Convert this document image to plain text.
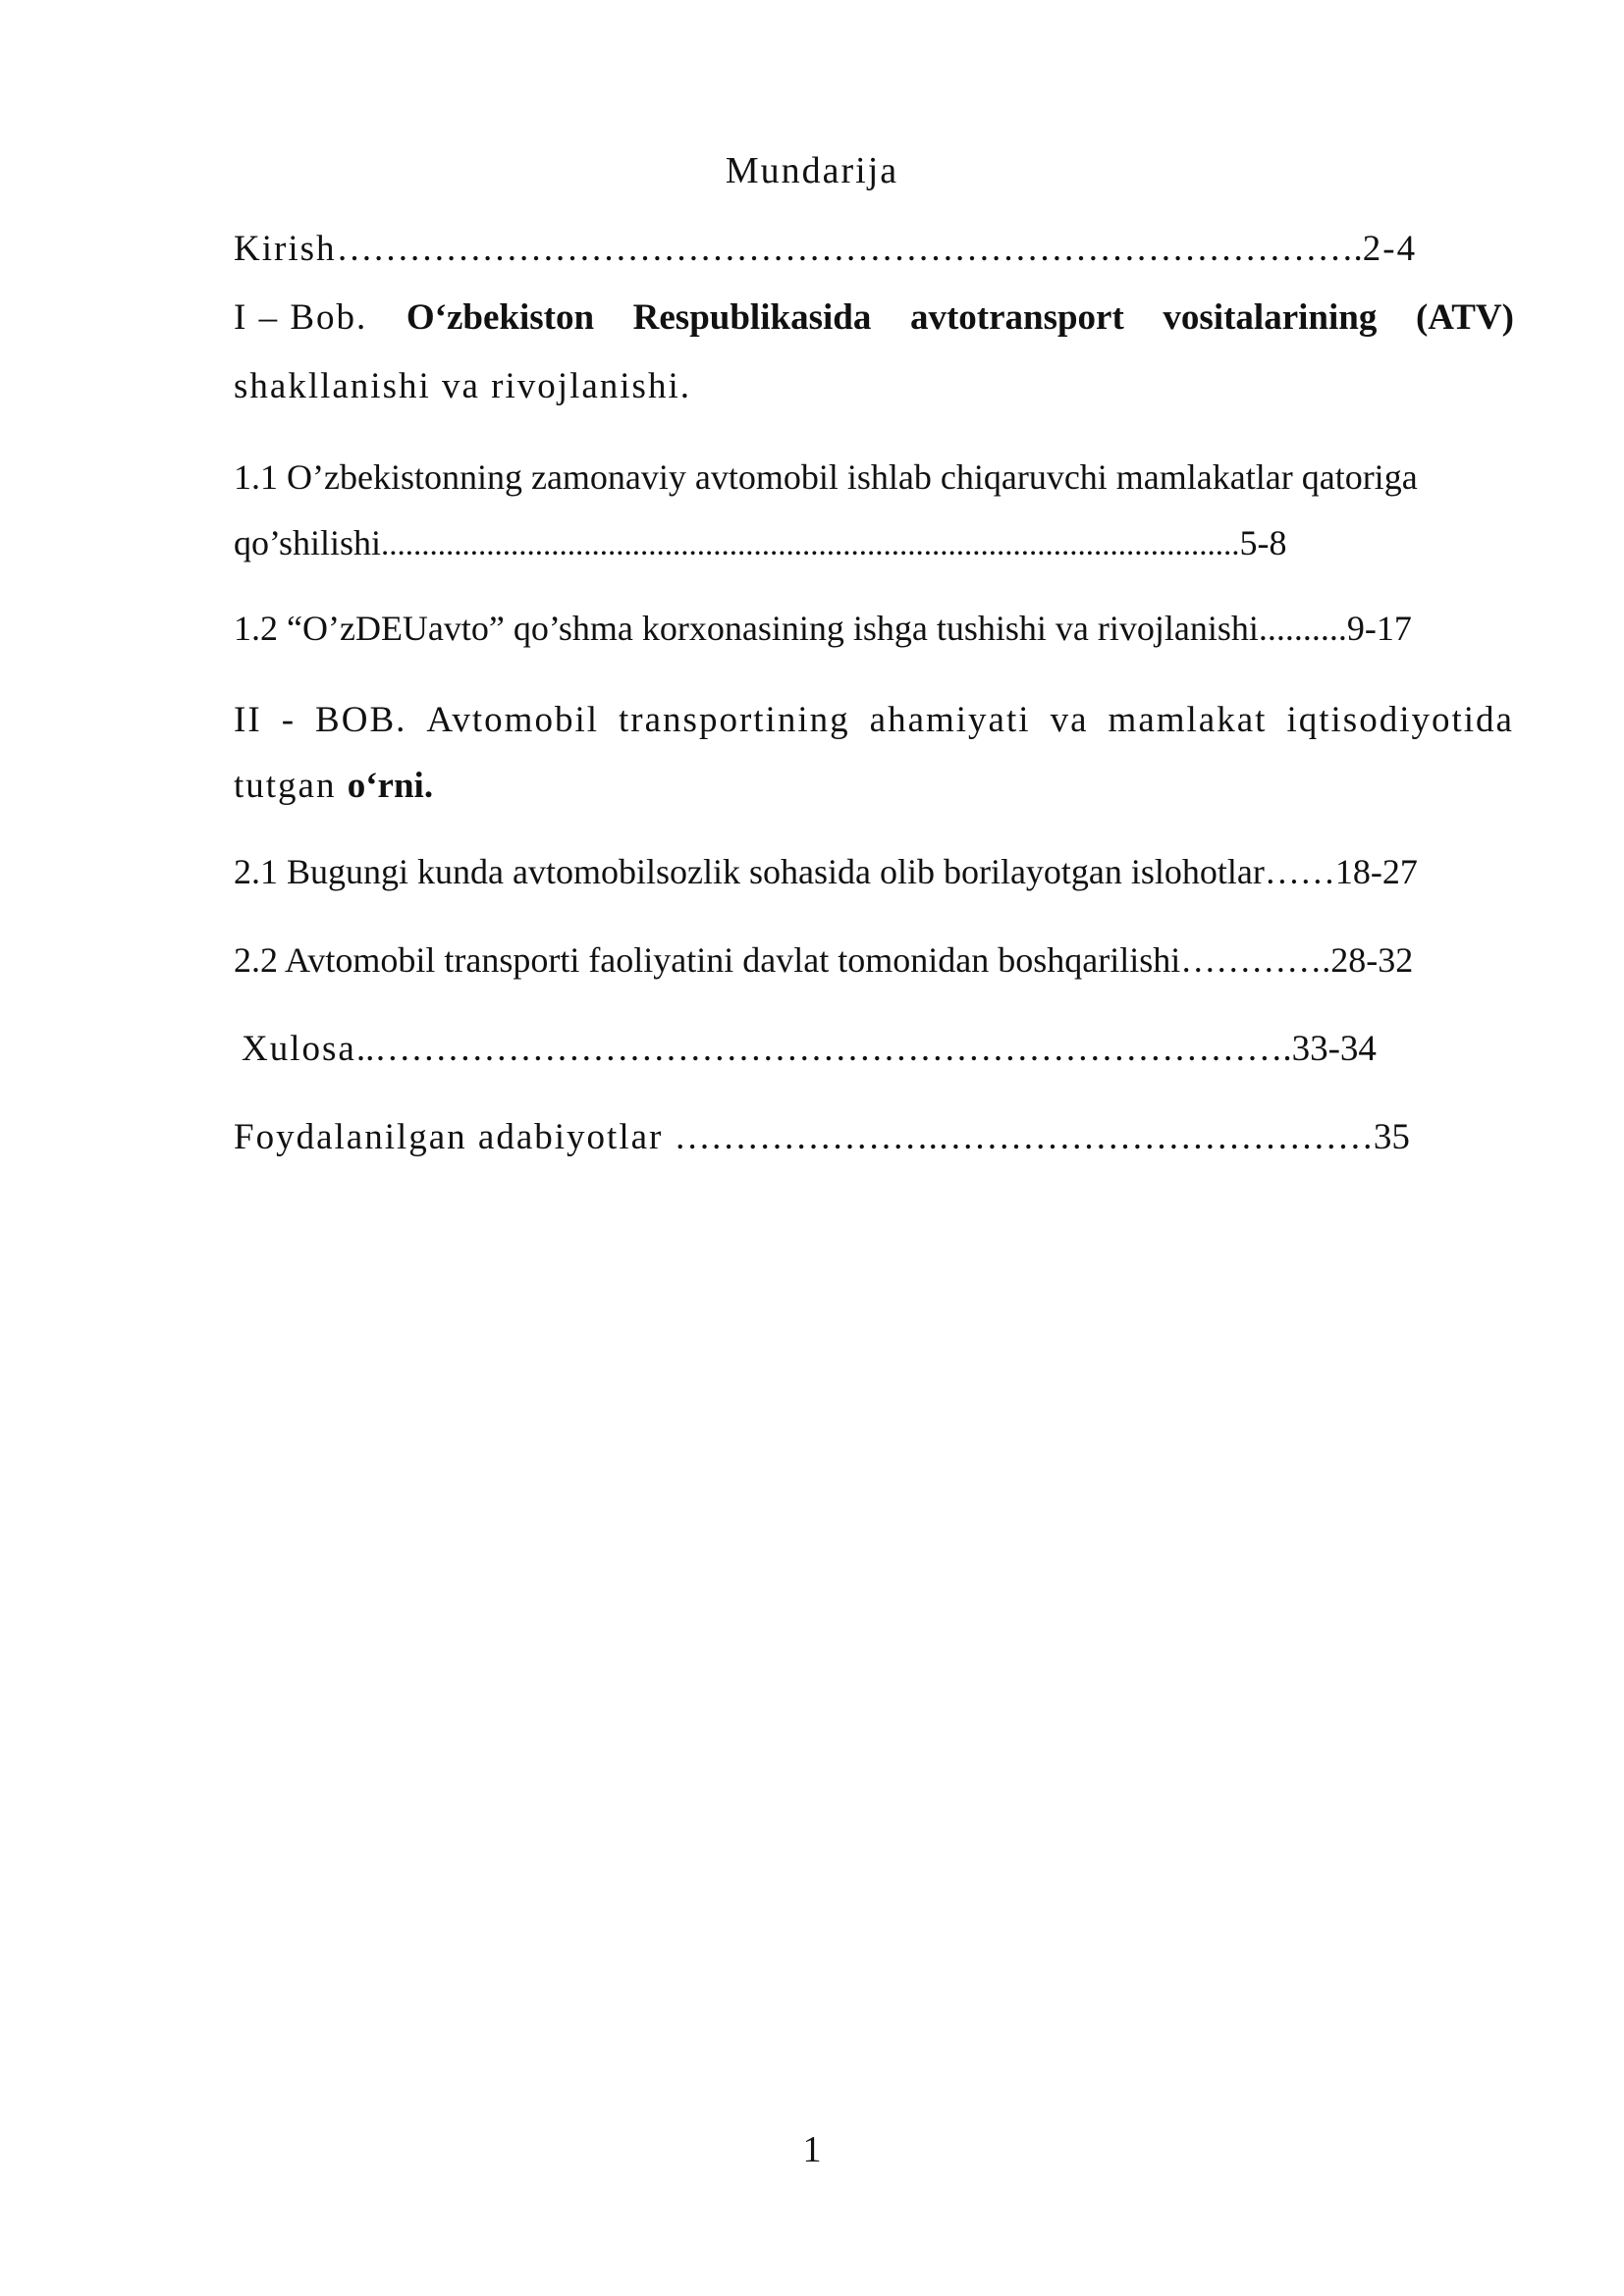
Mundarija
Kirish………………………………………………………………………….2-4
I – Bob. O‘zbekiston Respublikasida avtotransport vositalarining (ATV)
shakllanishi va rivojlanishi.
1.1 O’zbekistonning zamonaviy avtomobil ishlab chiqaruvchi mamlakatlar qatoriga
qo’shilishi..........................................................................................................5-8
1.2 “O’zDEUavto” qo’shma korxonasining ishga tushishi va rivojlanishi..........9-17
II - BOB. Avtomobil transportining ahamiyati va mamlakat iqtisodiyotida
tutgan o‘rni.
2.1 Bugungi kunda avtomobilsozlik sohasida olib borilayotgan islohotlar……18-27
2.2 Avtomobil transporti faoliyatini davlat tomonidan boshqarilishi………….28-32
Xulosa..………………………………………………………………….33-34
Foydalanilgan adabiyotlar ………………….………………………………35
1
